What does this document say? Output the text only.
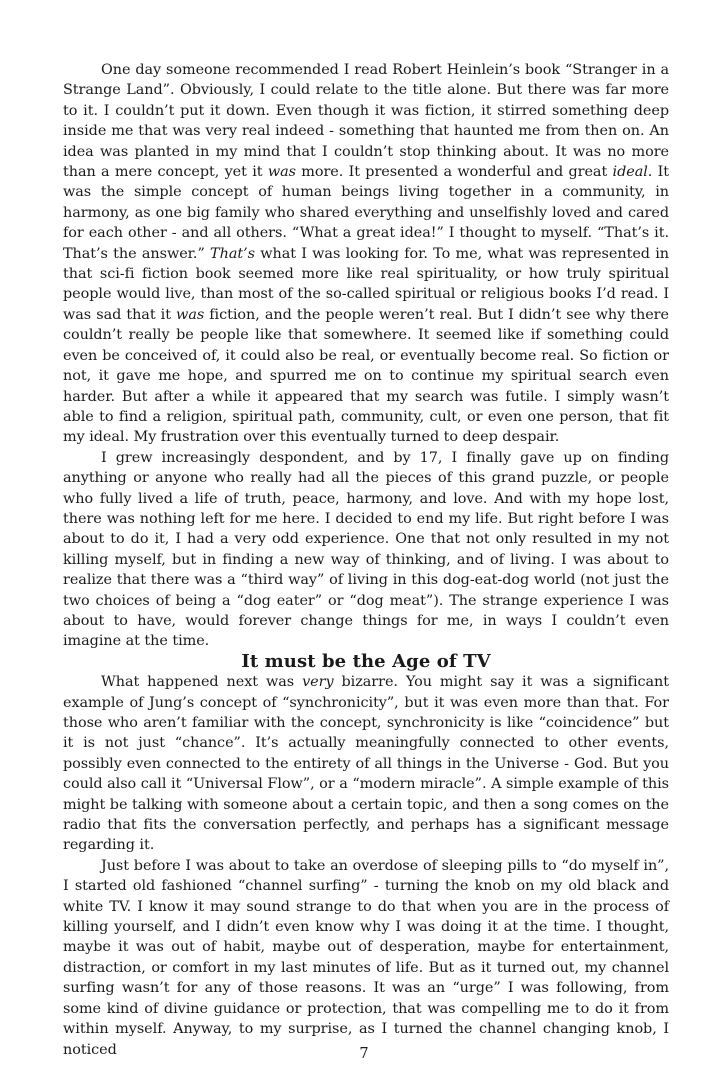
One day someone recommended I read Robert Heinlein’s book “Stranger in a Strange Land”. Obviously, I could relate to the title alone. But there was far more to it. I couldn’t put it down. Even though it was fiction, it stirred something deep inside me that was very real indeed - something that haunted me from then on. An idea was planted in my mind that I couldn’t stop thinking about. It was no more than a mere concept, yet it was more. It presented a wonderful and great ideal. It was the simple concept of human beings living together in a community, in harmony, as one big family who shared everything and unselfishly loved and cared for each other - and all others. “What a great idea!” I thought to myself. “That’s it. That’s the answer.” That’s what I was looking for. To me, what was represented in that sci-fi fiction book seemed more like real spirituality, or how truly spiritual people would live, than most of the so-called spiritual or religious books I’d read. I was sad that it was fiction, and the people weren’t real. But I didn’t see why there couldn’t really be people like that somewhere. It seemed like if something could even be conceived of, it could also be real, or eventually become real. So fiction or not, it gave me hope, and spurred me on to continue my spiritual search even harder. But after a while it appeared that my search was futile. I simply wasn’t able to find a religion, spiritual path, community, cult, or even one person, that fit my ideal. My frustration over this eventually turned to deep despair.

I grew increasingly despondent, and by 17, I finally gave up on finding anything or anyone who really had all the pieces of this grand puzzle, or people who fully lived a life of truth, peace, harmony, and love. And with my hope lost, there was nothing left for me here. I decided to end my life. But right before I was about to do it, I had a very odd experience. One that not only resulted in my not killing myself, but in finding a new way of thinking, and of living. I was about to realize that there was a “third way” of living in this dog-eat-dog world (not just the two choices of being a “dog eater” or “dog meat”). The strange experience I was about to have, would forever change things for me, in ways I couldn’t even imagine at the time.

It must be the Age of TV

What happened next was very bizarre. You might say it was a significant example of Jung’s concept of “synchronicity”, but it was even more than that. For those who aren’t familiar with the concept, synchronicity is like “coincidence” but it is not just “chance”. It’s actually meaningfully connected to other events, possibly even connected to the entirety of all things in the Universe - God. But you could also call it “Universal Flow”, or a “modern miracle”. A simple example of this might be talking with someone about a certain topic, and then a song comes on the radio that fits the conversation perfectly, and perhaps has a significant message regarding it.

Just before I was about to take an overdose of sleeping pills to “do myself in”, I started old fashioned “channel surfing” - turning the knob on my old black and white TV. I know it may sound strange to do that when you are in the process of killing yourself, and I didn’t even know why I was doing it at the time. I thought, maybe it was out of habit, maybe out of desperation, maybe for entertainment, distraction, or comfort in my last minutes of life. But as it turned out, my channel surfing wasn’t for any of those reasons. It was an “urge” I was following, from some kind of divine guidance or protection, that was compelling me to do it from within myself. Anyway, to my surprise, as I turned the channel changing knob, I noticed	7
